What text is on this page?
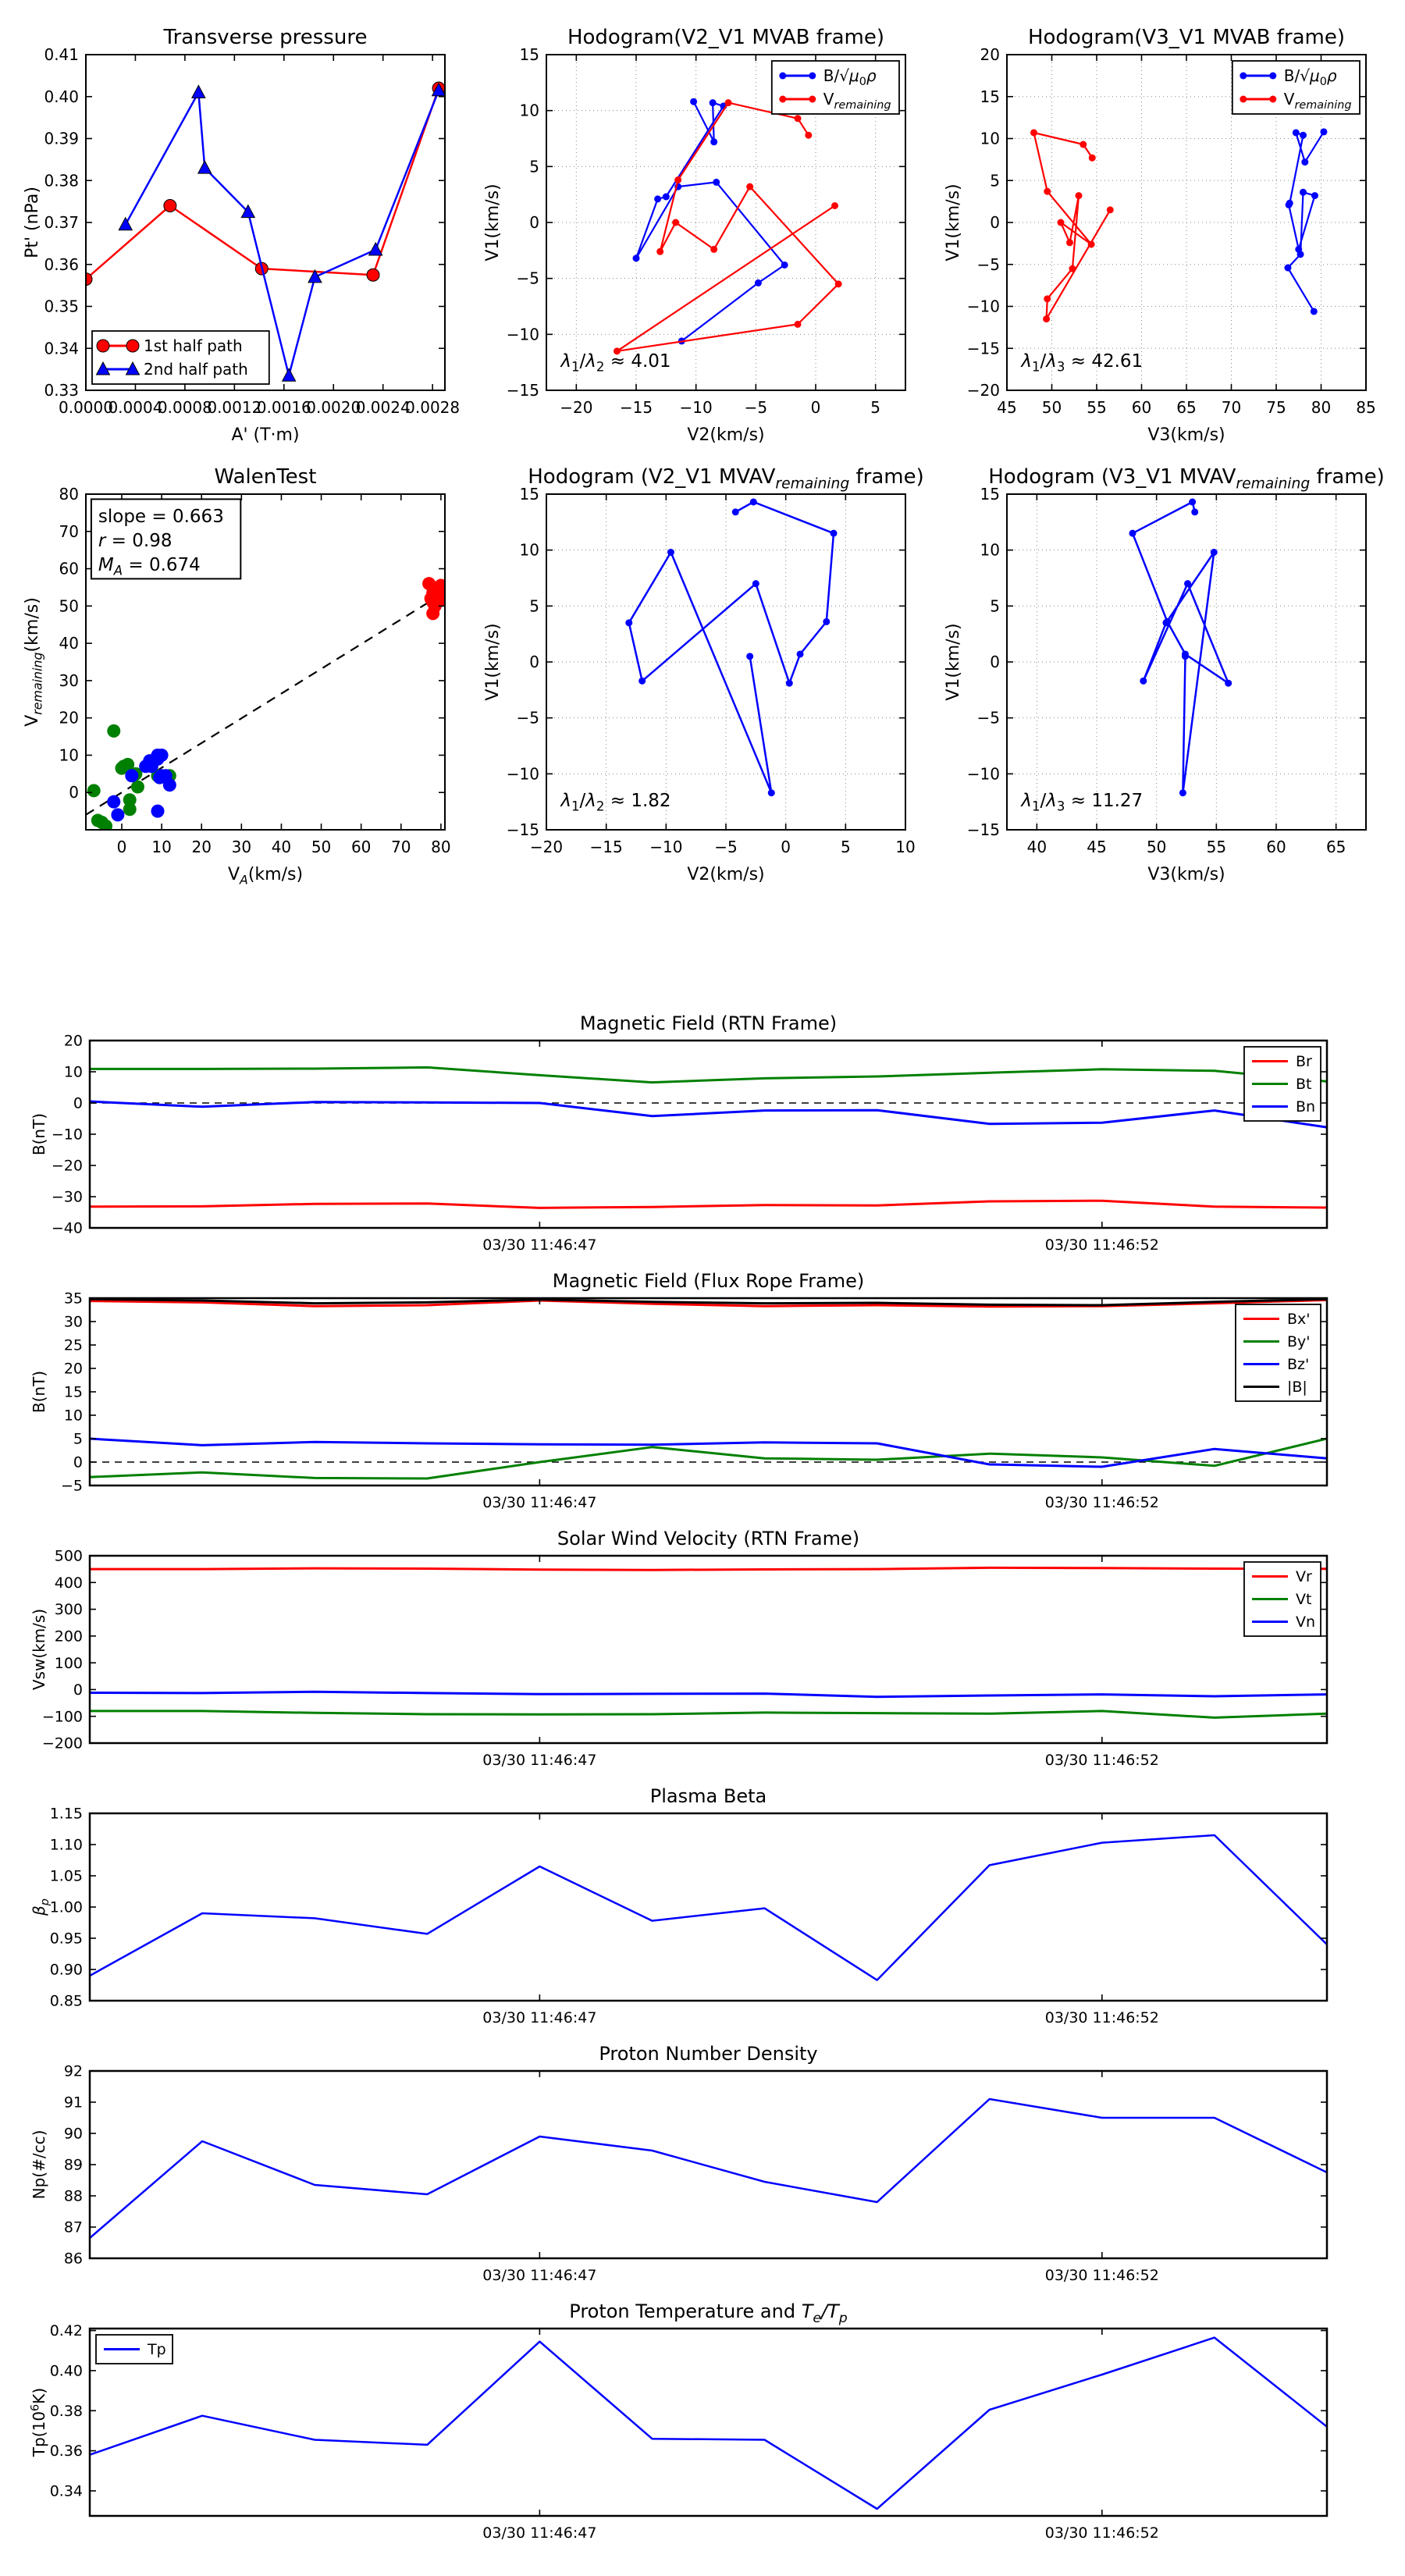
0.0000
0.0004
0.0008
0.0012
0.0016
0.0020
0.0024
0.0028
0.33
0.34
0.35
0.36
0.37
0.38
0.39
0.40
0.41
Transverse pressure
A' (T·m)
Pt' (nPa)
1st half path
2nd half path
−20 −15 −10 −5	0	5
−15
−10
−5
0
5
10
15
Hodogram(V2_V1 MVAB frame)
V2(km/s)
V1(km/s)
$B/√\mu_0\rho$
$V_{remaining}$
$\lambda_1/\lambda_2 \approx 4.01$
45 50 55 60 65 70 75 80 85
−20
−15
−10
−5
0
5
10
15
20
Hodogram(V3_V1 MVAB frame)
V3(km/s)
V1(km/s)
$B/√\mu_0\rho$
$V_{remaining}$
$\lambda_1/\lambda_3 \approx 42.61$
0 10 20 30 40 50 60 70 80
0
10
20
30
40
50
60
70
80
WalenTest
$V_A(km/s)$
$V_{remaining}(km/s)$
slope = 0.663
r = 0.98
$M_A = 0.674$
−20 −15 −10 −5	0	5	10
−15
−10
−5
0
5
10
15
Hodogram (V2_V1 $MVAV_{remaining}$ frame)
V2(km/s)
V1(km/s)
$\lambda_1/\lambda_2 \approx 1.82$
40	45	50	55	60	65
−15
−10
−5
0
5
10
15
Hodogram (V3_V1 $MVAV_{remaining}$ frame)
V3(km/s)
V1(km/s)
$\lambda_1/\lambda_3 \approx 11.27$
03/30 11:46:47	03/30 11:46:52
−40
−30
−20
−10
0
10
20
Magnetic Field (RTN Frame)
B(nT)
Br
Bt
Bn
03/30 11:46:47	03/30 11:46:52
−5
0
5
10
15
20
25
30
35
Magnetic Field (Flux Rope Frame)
B(nT)
Bx'
By'
Bz'
|B|
03/30 11:46:47	03/30 11:46:52
−200
−100
0
100
200
300
400
500
Solar Wind Velocity (RTN Frame)
Vsw(km/s)
Vr
Vt
Vn
03/30 11:46:47	03/30 11:46:52
0.85
0.90
0.95
1.00
1.05
1.10
1.15
Plasma Beta
$\beta_p$
03/30 11:46:47	03/30 11:46:52
86
87
88
89
90
91
92
Proton Number Density
Np(#/cc)
03/30 11:46:47	03/30 11:46:52
0.34
0.36
0.38
0.40
0.42
Proton Temperature and $T_e/T_p$
$Tp(10^6K)$
Tp
